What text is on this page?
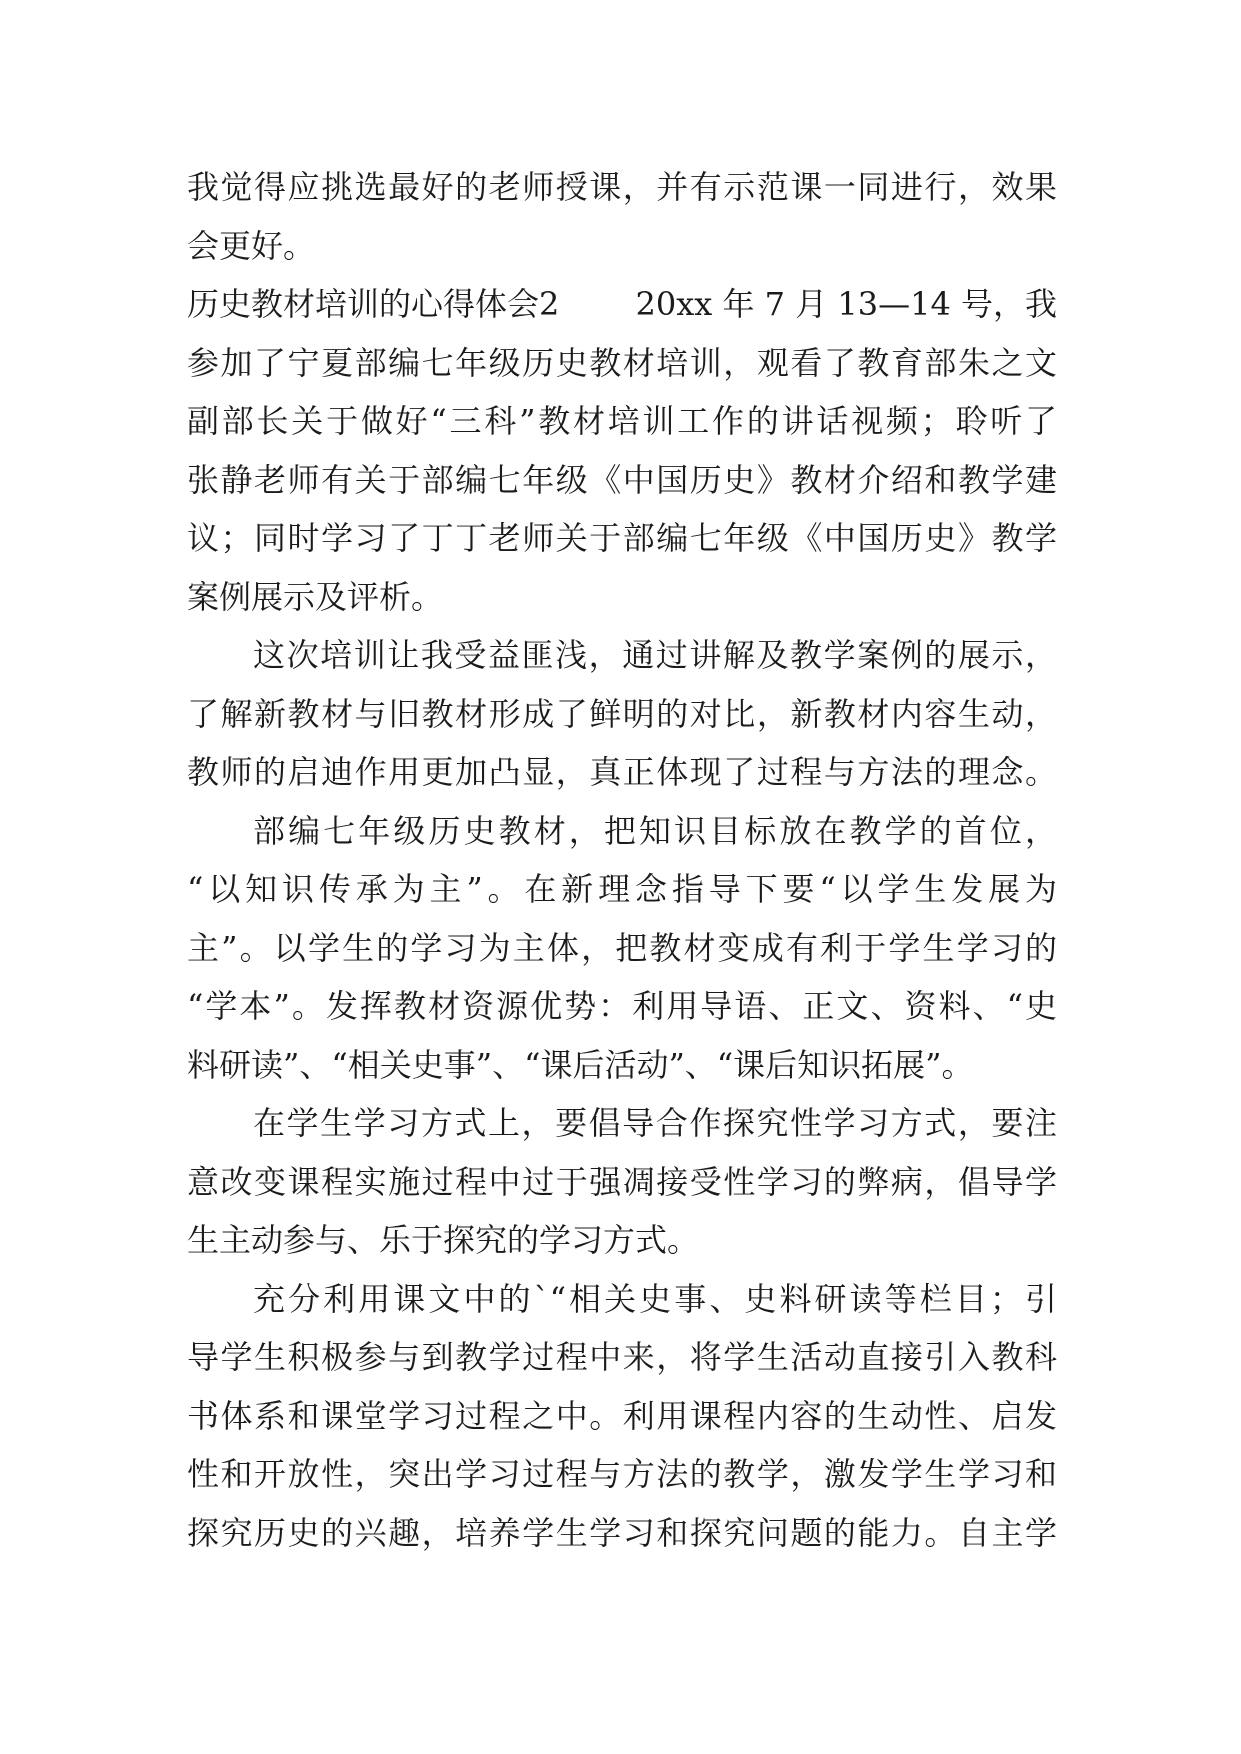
我觉得应挑选最好的老师授课，并有示范课一同进行，效果
会更好。
历史教材培训的心得体会2 20xx 年 7 月 13—14 号，我
参加了宁夏部编七年级历史教材培训，观看了教育部朱之文
副部长关于做好“三科”教材培训工作的讲话视频；聆听了
张静老师有关于部编七年级《中国历史》教材介绍和教学建
议；同时学习了丁丁老师关于部编七年级《中国历史》教学
案例展示及评析。
这次培训让我受益匪浅，通过讲解及教学案例的展示，
了解新教材与旧教材形成了鲜明的对比，新教材内容生动，
教师的启迪作用更加凸显，真正体现了过程与方法的理念。
部编七年级历史教材，把知识目标放在教学的首位，
“以知识传承为主”。在新理念指导下要“以学生发展为
主”。以学生的学习为主体，把教材变成有利于学生学习的
“学本”。发挥教材资源优势：利用导语、正文、资料、“史
料研读”、“相关史事”、“课后活动”、“课后知识拓展”。
在学生学习方式上，要倡导合作探究性学习方式，要注
意改变课程实施过程中过于强凋接受性学习的弊病，倡导学
生主动参与、乐于探究的学习方式。
充分利用课文中的`“相关史事、史料研读等栏目；引
导学生积极参与到教学过程中来，将学生活动直接引入教科
书体系和课堂学习过程之中。利用课程内容的生动性、启发
性和开放性，突出学习过程与方法的教学，激发学生学习和
探究历史的兴趣，培养学生学习和探究问题的能力。自主学
